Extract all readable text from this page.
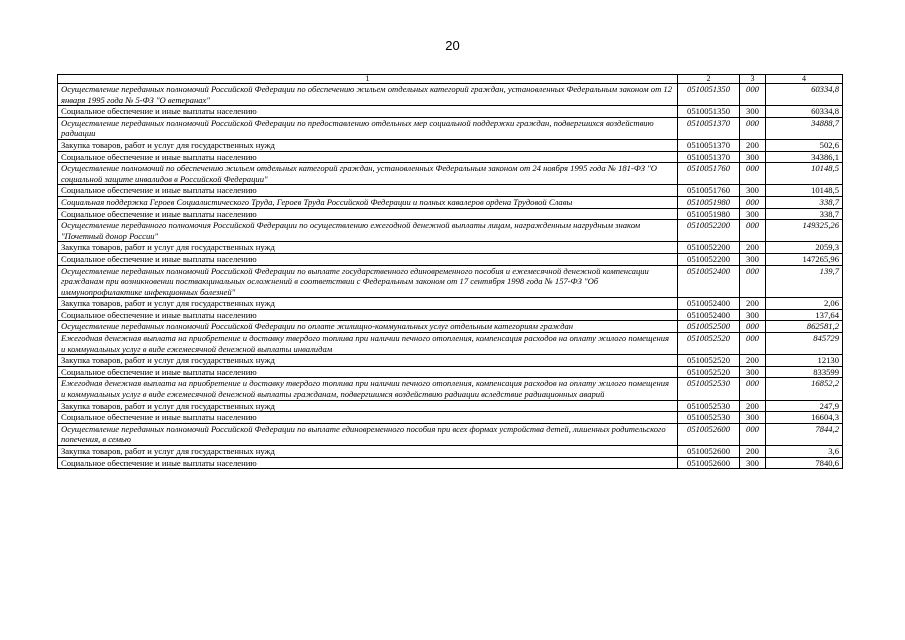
20
1	2	3	4
Осуществление переданных полномочий Российской Федерации по обеспечению жильем отдельных категорий граждан, установленных Федеральным законом от 12 января 1995 года № 5-ФЗ "О ветеранах"	0510051350	000	60334,8
Социальное обеспечение и иные выплаты населению	0510051350	300	60334,8
Осуществление переданных полномочий Российской Федерации по предоставлению отдельных мер социальной поддержки граждан, подвергшихся воздействию радиации	0510051370	000	34888,7
Закупка товаров, работ и услуг для государственных нужд	0510051370	200	502,6
Социальное обеспечение и иные выплаты населению	0510051370	300	34386,1
Осуществление полномочий по обеспечению жильем отдельных категорий граждан, установленных Федеральным законом от 24 ноября 1995 года № 181-ФЗ "О социальной защите инвалидов в Российской Федерации"	0510051760	000	10148,5
Социальное обеспечение и иные выплаты населению	0510051760	300	10148,5
Социальная поддержка Героев Социалистического Труда, Героев Труда Российской Федерации и полных кавалеров ордена Трудовой Славы	0510051980	000	338,7
Социальное обеспечение и иные выплаты населению	0510051980	300	338,7
Осуществление переданного полномочия Российской Федерации по осуществлению ежегодной денежной выплаты лицам, награжденным нагрудным знаком "Почетный донор России"	0510052200	000	149325,26
Закупка товаров, работ и услуг для государственных нужд	0510052200	200	2059,3
Социальное обеспечение и иные выплаты населению	0510052200	300	147265,96
Осуществление переданных полномочий Российской Федерации по выплате государственного единовременного пособия и ежемесячной денежной компенсации гражданам при возникновении поствакцинальных осложнений в соответствии с Федеральным законом от 17 сентября 1998 года № 157-ФЗ "Об иммунопрофилактике инфекционных болезней"	0510052400	000	139,7
Закупка товаров, работ и услуг для государственных нужд	0510052400	200	2,06
Социальное обеспечение и иные выплаты населению	0510052400	300	137,64
Осуществление переданных полномочий Российской Федерации по оплате жилищно-коммунальных услуг отдельным категориям граждан	0510052500	000	862581,2
Ежегодная денежная выплата на приобретение и доставку твердого топлива при наличии печного отопления, компенсация расходов на оплату жилого помещения и коммунальных услуг в виде ежемесячной денежной выплаты инвалидам	0510052520	000	845729
Закупка товаров, работ и услуг для государственных нужд	0510052520	200	12130
Социальное обеспечение и иные выплаты населению	0510052520	300	833599
Ежегодная денежная выплата на приобретение и доставку твердого топлива при наличии печного отопления, компенсация расходов на оплату жилого помещения и коммунальных услуг в виде ежемесячной денежной выплаты гражданам, подвергшимся воздействию радиации вследствие радиационных аварий	0510052530	000	16852,2
Закупка товаров, работ и услуг для государственных нужд	0510052530	200	247,9
Социальное обеспечение и иные выплаты населению	0510052530	300	16604,3
Осуществление переданных полномочий Российской Федерации по выплате единовременного пособия при всех формах устройства детей, лишенных родительского попечения, в семью	0510052600	000	7844,2
Закупка товаров, работ и услуг для государственных нужд	0510052600	200	3,6
Социальное обеспечение и иные выплаты населению	0510052600	300	7840,6
